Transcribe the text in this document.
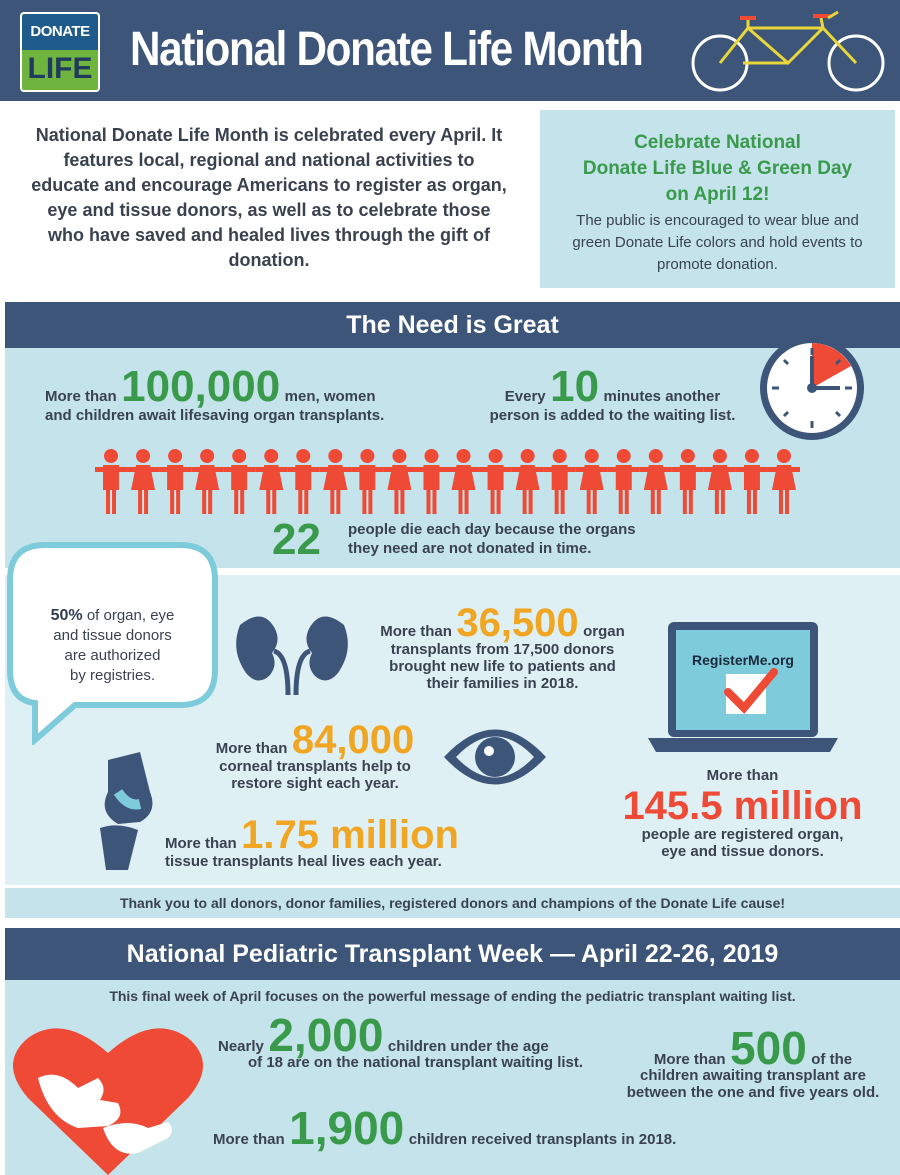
DONATE
LIFE National Donate Life Month
National Donate Life Month is celebrated every April. It features local, regional and national activities to educate and encourage Americans to register as organ, eye and tissue donors, as well as to celebrate those who have saved and healed lives through the gift of donation.
Celebrate National
Donate Life Blue & Green Day
on April 12!
The public is encouraged to wear blue and green Donate Life colors and hold events to promote donation.
The Need is Great
More than 100,000 men, women
and children await lifesaving organ transplants.
Every 10 minutes another
person is added to the waiting list.
22 people die each day because the organs
they need are not donated in time.
Did You
Know?
50% of organ, eye
and tissue donors
are authorized
by registries.
More than 36,500 organ
transplants from 17,500 donors
brought new life to patients and
their families in 2018.
RegisterMe.org
More than 84,000
corneal transplants help to
restore sight each year.
More than 1.75 million
tissue transplants heal lives each year.
More than
145.5 million
people are registered organ,
eye and tissue donors.
Thank you to all donors, donor families, registered donors and champions of the Donate Life cause!
National Pediatric Transplant Week — April 22-26, 2019
This final week of April focuses on the powerful message of ending the pediatric transplant waiting list.
Nearly 2,000 children under the age
of 18 are on the national transplant waiting list.	More than 500 of the
children awaiting transplant are
between the one and five years old.
More than 1,900 children received transplants in 2018.
